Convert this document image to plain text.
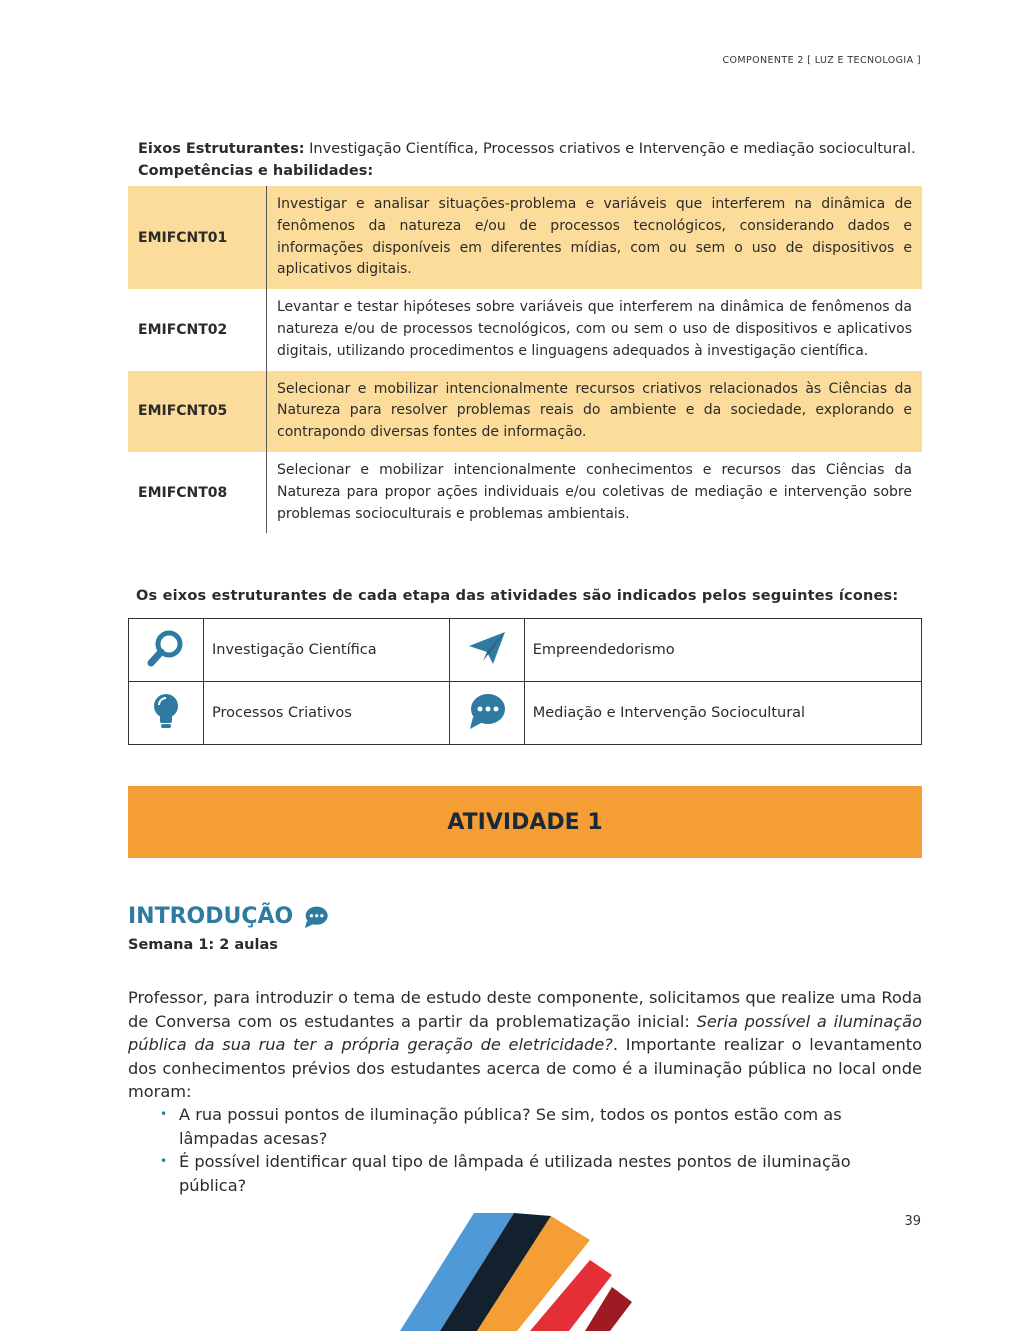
COMPONENTE 2 [ LUZ E TECNOLOGIA ]
Eixos Estruturantes: Investigação Científica, Processos criativos e Intervenção e mediação sociocultural.
Competências e habilidades:
EMIFCNT01	Investigar e analisar situações-problema e variáveis que interferem na dinâmica de fenômenos da natureza e/ou de processos tecnológicos, considerando dados e informações disponíveis em diferentes mídias, com ou sem o uso de dispositivos e aplicativos digitais.
EMIFCNT02	Levantar e testar hipóteses sobre variáveis que interferem na dinâmica de fenômenos da natureza e/ou de processos tecnológicos, com ou sem o uso de dispositivos e aplicativos digitais, utilizando procedimentos e linguagens adequados à investigação científica.
EMIFCNT05	Selecionar e mobilizar intencionalmente recursos criativos relacionados às Ciências da Natureza para resolver problemas reais do ambiente e da sociedade, explorando e contrapondo diversas fontes de informação.
EMIFCNT08	Selecionar e mobilizar intencionalmente conhecimentos e recursos das Ciências da Natureza para propor ações individuais e/ou coletivas de mediação e intervenção sobre problemas socioculturais e problemas ambientais.
Os eixos estruturantes de cada etapa das atividades são indicados pelos seguintes ícones:
	Investigação Científica		Empreendedorismo
	Processos Criativos		Mediação e Intervenção Sociocultural
ATIVIDADE 1
INTRODUÇÃO
Semana 1: 2 aulas
Professor, para introduzir o tema de estudo deste componente, solicitamos que realize uma Roda de Conversa com os estudantes a partir da problematização inicial: Seria possível a iluminação pública da sua rua ter a própria geração de eletricidade?. Importante realizar o levantamento dos conhecimentos prévios dos estudantes acerca de como é a iluminação pública no local onde moram:
• A rua possui pontos de iluminação pública? Se sim, todos os pontos estão com as lâmpadas acesas?
• É possível identificar qual tipo de lâmpada é utilizada nestes pontos de iluminação pública?
39
